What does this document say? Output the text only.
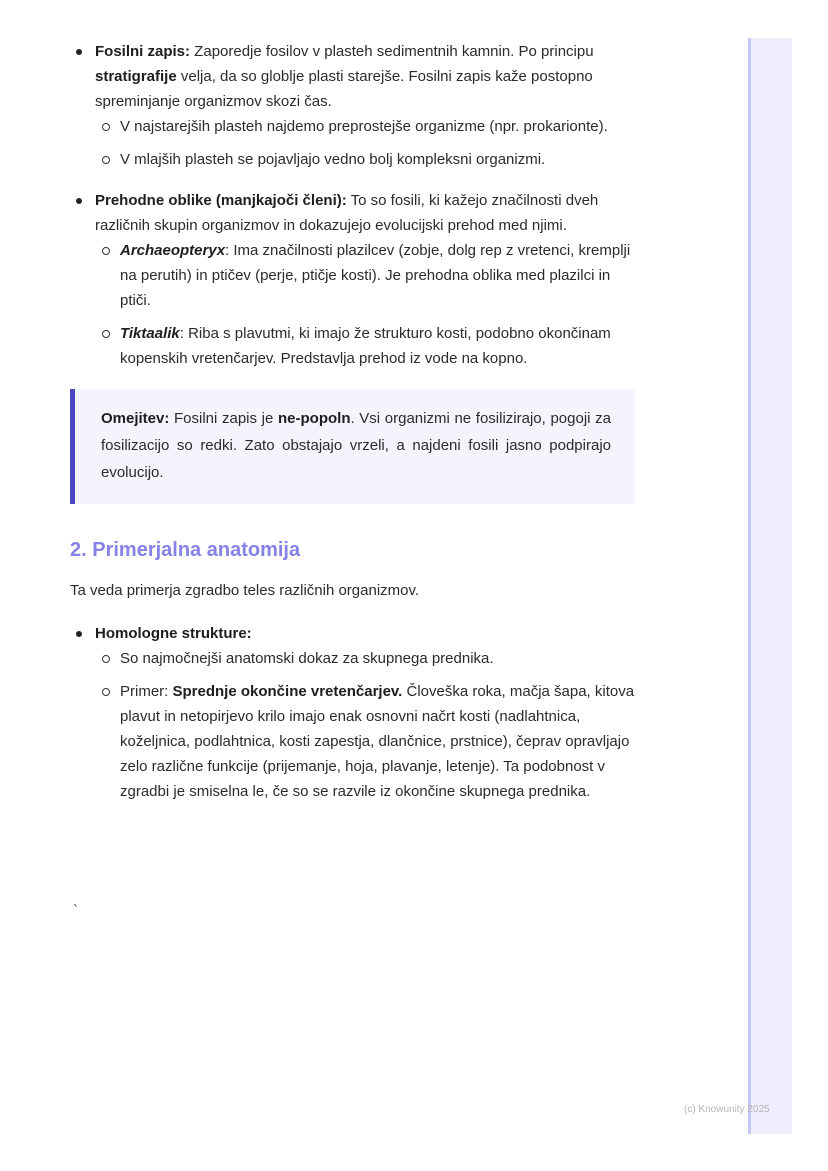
Fosilni zapis: Zaporedje fosilov v plasteh sedimentnih kamnin. Po principu stratigrafije velja, da so globlje plasti starejše. Fosilni zapis kaže postopno spreminjanje organizmov skozi čas.
V najstarejših plasteh najdemo preprostejše organizme (npr. prokarionte).
V mlajših plasteh se pojavljajo vedno bolj kompleksni organizmi.
Prehodne oblike (manjkajoči členi): To so fosili, ki kažejo značilnosti dveh različnih skupin organizmov in dokazujejo evolucijski prehod med njimi.
Archaeopteryx: Ima značilnosti plazilcev (zobje, dolg rep z vretenci, kremplji na perutih) in ptičev (perje, ptičje kosti). Je prehodna oblika med plazilci in ptiči.
Tiktaalik: Riba s plavutmi, ki imajo že strukturo kosti, podobno okončinam kopenskih vretenčarjev. Predstavlja prehod iz vode na kopno.
Omejitev: Fosilni zapis je ne-popoln. Vsi organizmi ne fosilizirajo, pogoji za fosilizacijo so redki. Zato obstajajo vrzeli, a najdeni fosili jasno podpirajo evolucijo.
2. Primerjalna anatomija

Ta veda primerja zgradbo teles različnih organizmov.

Homologne strukture:
So najmočnejši anatomski dokaz za skupnega prednika.
Primer: Sprednje okončine vretenčarjev. Človeška roka, mačja šapa, kitova plavut in netopirjevo krilo imajo enak osnovni načrt kosti (nadlahtnica, koželjnica, podlahtnica, kosti zapestja, dlančnice, prstnice), čeprav opravljajo zelo različne funkcije (prijemanje, hoja, plavanje, letenje). Ta podobnost v zgradbi je smiselna le, če so se razvile iz okončine skupnega prednika.
`
(c) Knowunity 2025
